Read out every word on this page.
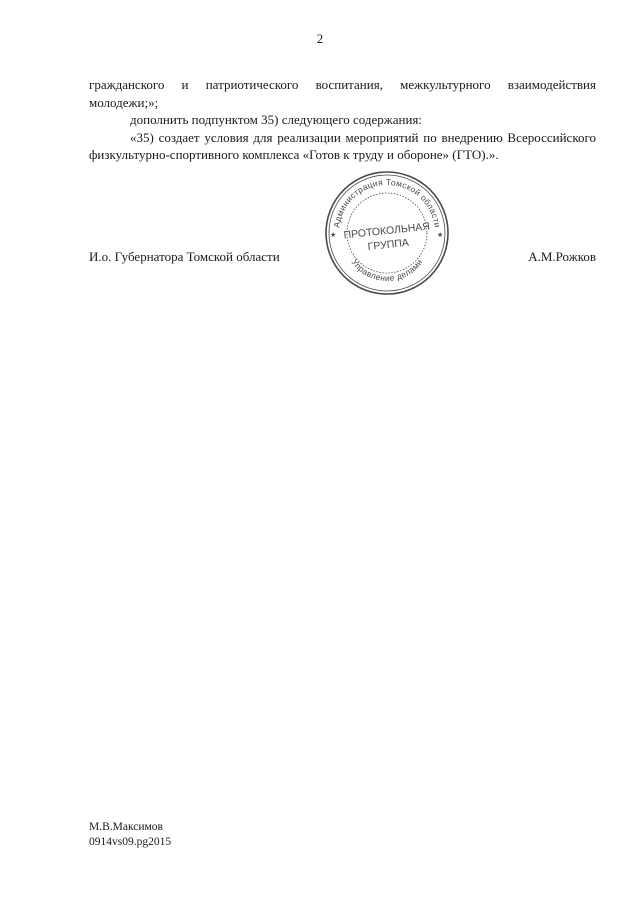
2

гражданского и патриотического воспитания, межкультурного взаимодействия молодежи;»;

дополнить подпунктом 35) следующего содержания:

«35) создает условия для реализации мероприятий по внедрению Всероссийского физкультурно-спортивного комплекса «Готов к труду и обороне» (ГТО).».

Администрация Томской области
Управление делами
★	★
ПРОТОКОЛЬНАЯ
ГРУППА
И.о. Губернатора Томской области	А.М.Рожков
М.В.Максимов
0914vs09.pg2015
